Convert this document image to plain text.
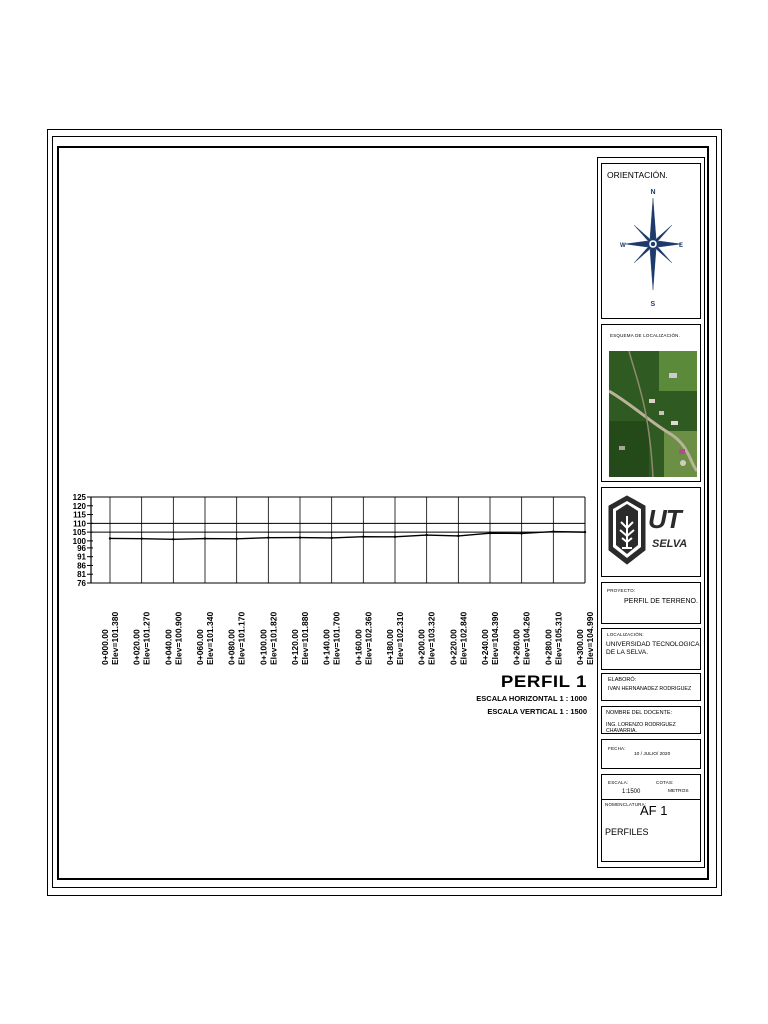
125
120
115
110
105
100
96
91
86
81
76
0+000.00 Elev=101.380 0+020.00 Elev=101.270 0+040.00 Elev=100.900 0+060.00 Elev=101.340 0+080.00 Elev=101.170 0+100.00 Elev=101.820 0+120.00 Elev=101.880 0+140.00 Elev=101.700 0+160.00 Elev=102.360 0+180.00 Elev=102.310 0+200.00 Elev=103.320 0+220.00 Elev=102.840 0+240.00 Elev=104.390 0+260.00 Elev=104.260 0+280.00 Elev=105.310 0+300.00 Elev=104.990
PERFIL 1
ESCALA HORIZONTAL 1 : 1000
ESCALA VERTICAL 1 : 1500
ORIENTACIÓN.
N
S
W	E
ESQUEMA DE LOCALIZACIÓN.
UT
SELVA
PROYECTO:
PERFIL DE TERRENO.
LOCALIZACIÓN:
UNIVERSIDAD TECNOLOGICA DE LA SELVA.
ELABORÓ:
IVAN HERNANADEZ RODRIGUEZ
NOMBRE DEL DOCENTE:
ING. LORENZO RODRIGUEZ CHAVARRIA.
FECHA:
10 / JULIO/ 2020
ESCALA:
1:1500
COTAS:
METROS
NOMENCLATURA:
AF 1
PERFILES
